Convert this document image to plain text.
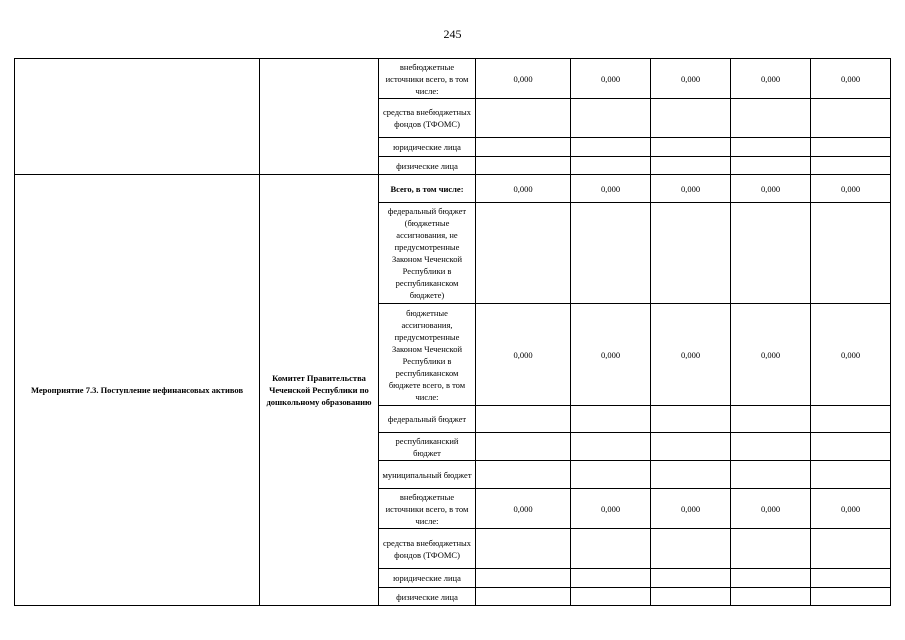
245
		внебюджетные источники всего, в том числе:	0,000	0,000	0,000	0,000	0,000
		средства внебюджетных фондов (ТФОМС)					
		юридические лица					
		физические лица					
Мероприятие 7.3. Поступление нефинансовых активов	Комитет Правительства Чеченской Республики по дошкольному образованию	Всего, в том числе:	0,000	0,000	0,000	0,000	0,000
		федеральный бюджет (бюджетные ассигнования, не предусмотренные Законом Чеченской Республики в республиканском бюджете)					
		бюджетные ассигнования, предусмотренные Законом Чеченской Республики в республиканском бюджете всего, в том числе:	0,000	0,000	0,000	0,000	0,000
		федеральный бюджет					
		республиканский бюджет					
		муниципальный бюджет					
		внебюджетные источники всего, в том числе:	0,000	0,000	0,000	0,000	0,000
		средства внебюджетных фондов (ТФОМС)					
		юридические лица					
		физические лица					
